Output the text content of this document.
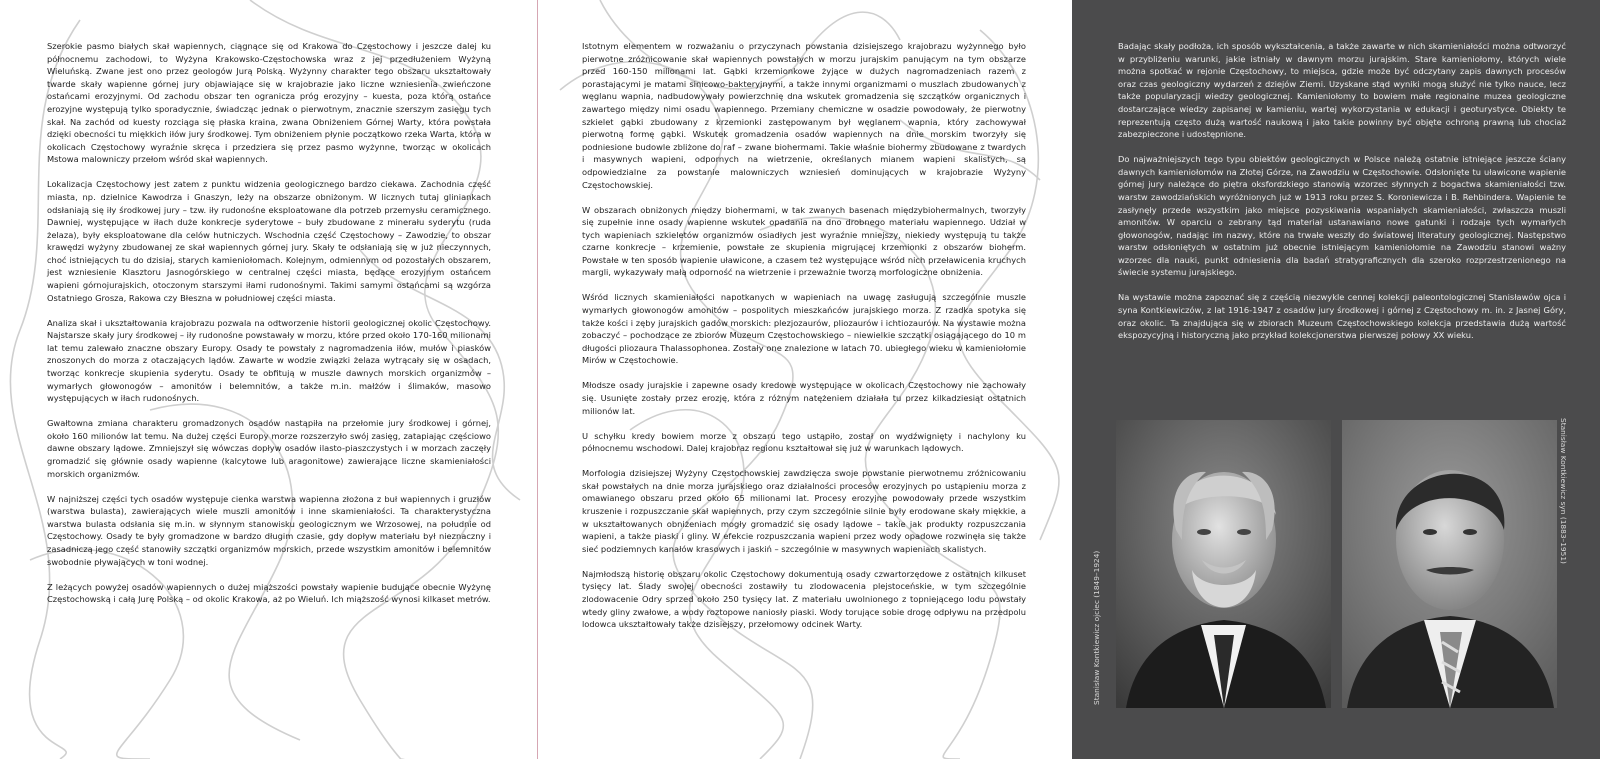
Szerokie pasmo białych skał wapiennych, ciągnące się od Krakowa do Częstochowy i jeszcze dalej ku północnemu zachodowi, to Wyżyna Krakowsko-Częstochowska wraz z jej przedłużeniem Wyżyną Wieluńską. Zwane jest ono przez geologów Jurą Polską. Wyżynny charakter tego obszaru ukształtowały twarde skały wapienne górnej jury objawiające się w krajobrazie jako liczne wzniesienia zwieńczone ostańcami erozyjnymi. Od zachodu obszar ten ogranicza próg erozyjny – kuesta, poza którą ostańce erozyjne występują tylko sporadycznie, świadcząc jednak o pierwotnym, znacznie szerszym zasięgu tych skał. Na zachód od kuesty rozciąga się płaska kraina, zwana Obniżeniem Górnej Warty, która powstała dzięki obecności tu miękkich iłów jury środkowej. Tym obniżeniem płynie początkowo rzeka Warta, która w okolicach Częstochowy wyraźnie skręca i przedziera się przez pasmo wyżynne, tworząc w okolicach Mstowa malowniczy przełom wśród skał wapiennych.

Lokalizacja Częstochowy jest zatem z punktu widzenia geologicznego bardzo ciekawa. Zachodnia część miasta, np. dzielnice Kawodrza i Gnaszyn, leży na obszarze obniżonym. W licznych tutaj gliniankach odsłaniają się iły środkowej jury – tzw. iły rudonośne eksploatowane dla potrzeb przemysłu ceramicznego. Dawniej, występujące w iłach duże konkrecje syderytowe – buły zbudowane z minerału syderytu (ruda żelaza), były eksploatowane dla celów hutniczych. Wschodnia część Częstochowy – Zawodzie, to obszar krawędzi wyżyny zbudowanej ze skał wapiennych górnej jury. Skały te odsłaniają się w już nieczynnych, choć istniejących tu do dzisiaj, starych kamieniołomach. Kolejnym, odmiennym od pozostałych obszarem, jest wzniesienie Klasztoru Jasnogórskiego w centralnej części miasta, będące erozyjnym ostańcem wapieni górnojurajskich, otoczonym starszymi iłami rudonośnymi. Takimi samymi ostańcami są wzgórza Ostatniego Grosza, Rakowa czy Błeszna w południowej części miasta.

Analiza skał i ukształtowania krajobrazu pozwala na odtworzenie historii geologicznej okolic Częstochowy. Najstarsze skały jury środkowej – iły rudonośne powstawały w morzu, które przed około 170-160 milionami lat temu zalewało znaczne obszary Europy. Osady te powstały z nagromadzenia iłów, mułów i piasków znoszonych do morza z otaczających lądów. Zawarte w wodzie związki żelaza wytrącały się w osadach, tworząc konkrecje skupienia syderytu. Osady te obfitują w muszle dawnych morskich organizmów – wymarłych głowonogów – amonitów i belemnitów, a także m.in. małżów i ślimaków, masowo występujących w iłach rudonośnych.

Gwałtowna zmiana charakteru gromadzonych osadów nastąpiła na przełomie jury środkowej i górnej, około 160 milionów lat temu. Na dużej części Europy morze rozszerzyło swój zasięg, zatapiając częściowo dawne obszary lądowe. Zmniejszył się wówczas dopływ osadów ilasto-piaszczystych i w morzach zaczęły gromadzić się głównie osady wapienne (kalcytowe lub aragonitowe) zawierające liczne skamieniałości morskich organizmów.

W najniższej części tych osadów występuje cienka warstwa wapienna złożona z buł wapiennych i gruzłów (warstwa bulasta), zawierających wiele muszli amonitów i inne skamieniałości. Ta charakterystyczna warstwa bulasta odsłania się m.in. w słynnym stanowisku geologicznym we Wrzosowej, na południe od Częstochowy. Osady te były gromadzone w bardzo długim czasie, gdy dopływ materiału był nieznaczny i zasadniczą jego część stanowiły szczątki organizmów morskich, przede wszystkim amonitów i belemnitów swobodnie pływających w toni wodnej.

Z leżących powyżej osadów wapiennych o dużej miąższości powstały wapienie budujące obecnie Wyżynę Częstochowską i całą Jurę Polską – od okolic Krakowa, aż po Wieluń. Ich miąższość wynosi kilkaset metrów.

Istotnym elementem w rozważaniu o przyczynach powstania dzisiejszego krajobrazu wyżynnego było pierwotne zróżnicowanie skał wapiennych powstałych w morzu jurajskim panującym na tym obszarze przed 160-150 milionami lat. Gąbki krzemionkowe żyjące w dużych nagromadzeniach razem z porastającymi je matami sinicowo-bakteryjnymi, a także innymi organizmami o muszlach zbudowanych z węglanu wapnia, nadbudowywały powierzchnię dna wskutek gromadzenia się szczątków organicznych i zawartego między nimi osadu wapiennego. Przemiany chemiczne w osadzie powodowały, że pierwotny szkielet gąbki zbudowany z krzemionki zastępowanym był węglanem wapnia, który zachowywał pierwotną formę gąbki. Wskutek gromadzenia osadów wapiennych na dnie morskim tworzyły się podniesione budowle zbliżone do raf – zwane biohermami. Takie właśnie biohermy zbudowane z twardych i masywnych wapieni, odpornych na wietrzenie, określanych mianem wapieni skalistych, są odpowiedzialne za powstanie malowniczych wzniesień dominujących w krajobrazie Wyżyny Częstochowskiej.

W obszarach obniżonych między biohermami, w tak zwanych basenach międzybiohermalnych, tworzyły się zupełnie inne osady wapienne wskutek opadania na dno drobnego materiału wapiennego. Udział w tych wapieniach szkieletów organizmów osiadłych jest wyraźnie mniejszy, niekiedy występują tu także czarne konkrecje – krzemienie, powstałe ze skupienia migrującej krzemionki z obszarów bioherm. Powstałe w ten sposób wapienie uławicone, a czasem też występujące wśród nich przeławicenia kruchych margli, wykazywały małą odporność na wietrzenie i przeważnie tworzą morfologiczne obniżenia.

Wśród licznych skamieniałości napotkanych w wapieniach na uwagę zasługują szczególnie muszle wymarłych głowonogów amonitów – pospolitych mieszkańców jurajskiego morza. Z rzadka spotyka się także kości i zęby jurajskich gadów morskich: plezjozaurów, pliozaurów i ichtiozaurów. Na wystawie można zobaczyć – pochodzące ze zbiorów Muzeum Częstochowskiego – niewielkie szczątki osiągającego do 10 m długości pliozaura Thalassophonea. Zostały one znalezione w latach 70. ubiegłego wieku w kamieniołomie Mirów w Częstochowie.

Młodsze osady jurajskie i zapewne osady kredowe występujące w okolicach Częstochowy nie zachowały się. Usunięte zostały przez erozję, która z różnym natężeniem działała tu przez kilkadziesiąt ostatnich milionów lat.

U schyłku kredy bowiem morze z obszaru tego ustąpiło, został on wydźwignięty i nachylony ku północnemu wschodowi. Dalej krajobraz regionu kształtował się już w warunkach lądowych.

Morfologia dzisiejszej Wyżyny Częstochowskiej zawdzięcza swoje powstanie pierwotnemu zróżnicowaniu skał powstałych na dnie morza jurajskiego oraz działalności procesów erozyjnych po ustąpieniu morza z omawianego obszaru przed około 65 milionami lat. Procesy erozyjne powodowały przede wszystkim kruszenie i rozpuszczanie skał wapiennych, przy czym szczególnie silnie były erodowane skały miękkie, a w ukształtowanych obniżeniach mogły gromadzić się osady lądowe – takie jak produkty rozpuszczania wapieni, a także piaski i gliny. W efekcie rozpuszczania wapieni przez wody opadowe rozwinęła się także sieć podziemnych kanałów krasowych i jaskiń – szczególnie w masywnych wapieniach skalistych.

Najmłodszą historię obszaru okolic Częstochowy dokumentują osady czwartorzędowe z ostatnich kilkuset tysięcy lat. Ślady swojej obecności zostawiły tu zlodowacenia plejstoceńskie, w tym szczególnie zlodowacenie Odry sprzed około 250 tysięcy lat. Z materiału uwolnionego z topniejącego lodu powstały wtedy gliny zwałowe, a wody roztopowe naniosły piaski. Wody torujące sobie drogę odpływu na przedpolu lodowca ukształtowały także dzisiejszy, przełomowy odcinek Warty.

Badając skały podłoża, ich sposób wykształcenia, a także zawarte w nich skamieniałości można odtworzyć w przybliżeniu warunki, jakie istniały w dawnym morzu jurajskim. Stare kamieniołomy, których wiele można spotkać w rejonie Częstochowy, to miejsca, gdzie może być odczytany zapis dawnych procesów oraz czas geologiczny wydarzeń z dziejów Ziemi. Uzyskane stąd wyniki mogą służyć nie tylko nauce, lecz także popularyzacji wiedzy geologicznej. Kamieniołomy to bowiem małe regionalne muzea geologiczne dostarczające wiedzy zapisanej w kamieniu, wartej wykorzystania w edukacji i geoturystyce. Obiekty te reprezentują często dużą wartość naukową i jako takie powinny być objęte ochroną prawną lub chociaż zabezpieczone i udostępnione.

Do najważniejszych tego typu obiektów geologicznych w Polsce należą ostatnie istniejące jeszcze ściany dawnych kamieniołomów na Złotej Górze, na Zawodziu w Częstochowie. Odsłonięte tu uławicone wapienie górnej jury należące do piętra oksfordzkiego stanowią wzorzec słynnych z bogactwa skamieniałości tzw. warstw zawodziańskich wyróżnionych już w 1913 roku przez S. Koroniewicza i B. Rehbindera. Wapienie te zasłynęły przede wszystkim jako miejsce pozyskiwania wspaniałych skamieniałości, zwłaszcza muszli amonitów. W oparciu o zebrany tąd materiał ustanawiano nowe gatunki i rodzaje tych wymarłych głowonogów, nadając im nazwy, które na trwałe weszły do światowej literatury geologicznej. Następstwo warstw odsłoniętych w ostatnim już obecnie istniejącym kamieniołomie na Zawodziu stanowi ważny wzorzec dla nauki, punkt odniesienia dla badań stratygraficznych dla szeroko rozprzestrzenionego na świecie systemu jurajskiego.

Na wystawie można zapoznać się z częścią niezwykle cennej kolekcji paleontologicznej Stanisławów ojca i syna Kontkiewiczów, z lat 1916-1947 z osadów jury środkowej i górnej z Częstochowy m. in. z Jasnej Góry, oraz okolic. Ta znajdująca się w zbiorach Muzeum Częstochowskiego kolekcja przedstawia dużą wartość ekspozycyjną i historyczną jako przykład kolekcjonerstwa pierwszej połowy XX wieku.

Stanisław Kontkiewicz ojciec (1849–1924)
Stanisław Kontkiewicz syn (1883–1951)
